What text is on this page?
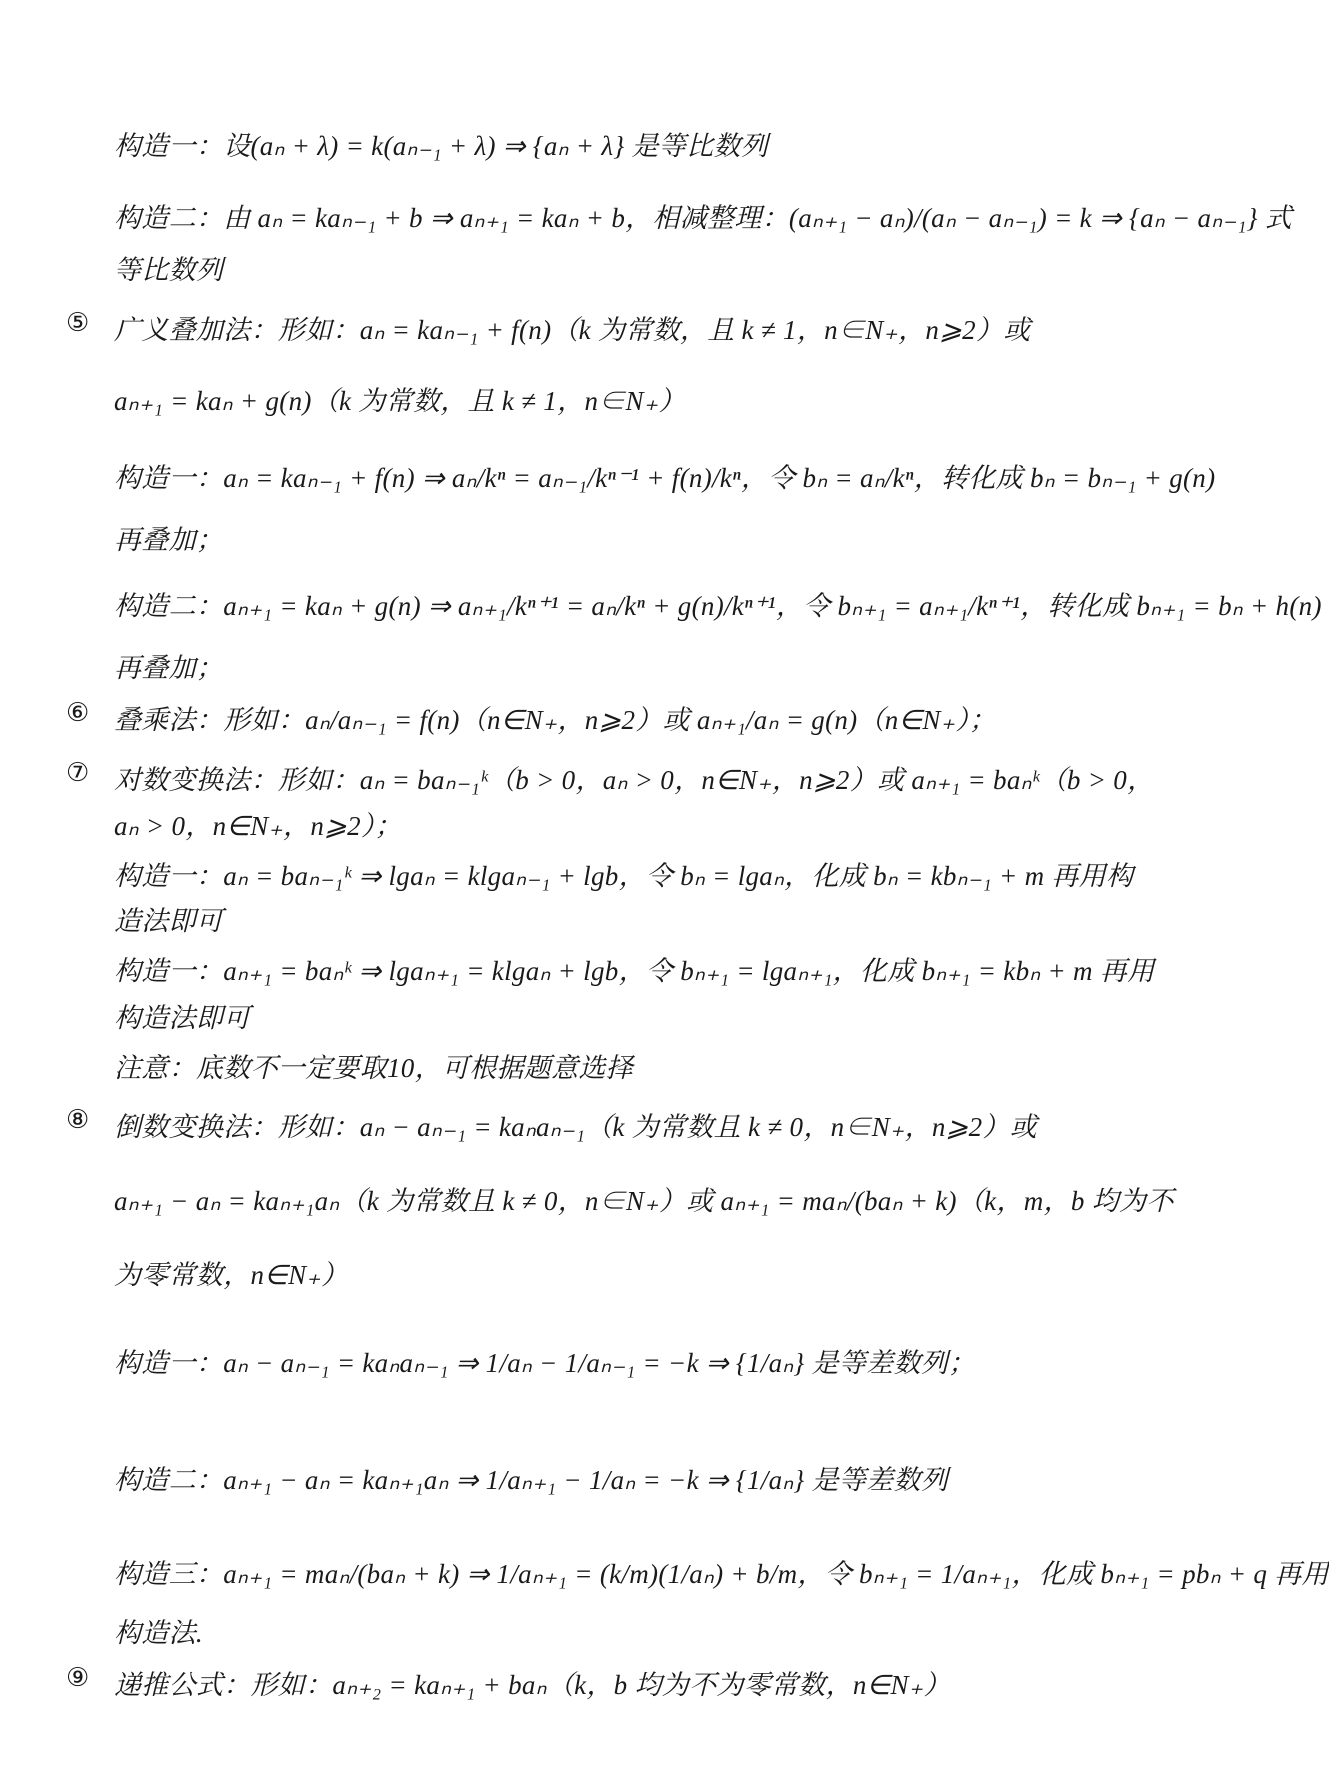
⑤
⑥
⑦
⑧
⑨
构造一：设(aₙ + λ) = k(aₙ₋₁ + λ) ⇒ {aₙ + λ} 是等比数列
构造二：由 aₙ = kaₙ₋₁ + b ⇒ aₙ₊₁ = kaₙ + b，相减整理：(aₙ₊₁ − aₙ)/(aₙ − aₙ₋₁) = k ⇒ {aₙ − aₙ₋₁} 式
等比数列
广义叠加法：形如：aₙ = kaₙ₋₁ + f(n)（k 为常数，且 k ≠ 1，n∈N₊，n⩾2）或
aₙ₊₁ = kaₙ + g(n)（k 为常数，且 k ≠ 1，n∈N₊）
构造一：aₙ = kaₙ₋₁ + f(n) ⇒ aₙ/kⁿ = aₙ₋₁/kⁿ⁻¹ + f(n)/kⁿ，令 bₙ = aₙ/kⁿ，转化成 bₙ = bₙ₋₁ + g(n)
再叠加；
构造二：aₙ₊₁ = kaₙ + g(n) ⇒ aₙ₊₁/kⁿ⁺¹ = aₙ/kⁿ + g(n)/kⁿ⁺¹，令 bₙ₊₁ = aₙ₊₁/kⁿ⁺¹，转化成 bₙ₊₁ = bₙ + h(n)
再叠加；
叠乘法：形如：aₙ/aₙ₋₁ = f(n)（n∈N₊，n⩾2）或 aₙ₊₁/aₙ = g(n)（n∈N₊）；
对数变换法：形如：aₙ = baₙ₋₁ᵏ（b > 0，aₙ > 0，n∈N₊，n⩾2）或 aₙ₊₁ = baₙᵏ（b > 0，
aₙ > 0，n∈N₊，n⩾2）；
构造一：aₙ = baₙ₋₁ᵏ ⇒ lgaₙ = klgaₙ₋₁ + lgb，令 bₙ = lgaₙ，化成 bₙ = kbₙ₋₁ + m 再用构
造法即可
构造一：aₙ₊₁ = baₙᵏ ⇒ lgaₙ₊₁ = klgaₙ + lgb，令 bₙ₊₁ = lgaₙ₊₁，化成 bₙ₊₁ = kbₙ + m 再用
构造法即可
注意：底数不一定要取10，可根据题意选择
倒数变换法：形如：aₙ − aₙ₋₁ = kaₙaₙ₋₁（k 为常数且 k ≠ 0，n∈N₊，n⩾2）或
aₙ₊₁ − aₙ = kaₙ₊₁aₙ（k 为常数且 k ≠ 0，n∈N₊）或 aₙ₊₁ = maₙ/(baₙ + k)（k，m，b 均为不
为零常数，n∈N₊）
构造一：aₙ − aₙ₋₁ = kaₙaₙ₋₁ ⇒ 1/aₙ − 1/aₙ₋₁ = −k ⇒ {1/aₙ} 是等差数列；
构造二：aₙ₊₁ − aₙ = kaₙ₊₁aₙ ⇒ 1/aₙ₊₁ − 1/aₙ = −k ⇒ {1/aₙ} 是等差数列
构造三：aₙ₊₁ = maₙ/(baₙ + k) ⇒ 1/aₙ₊₁ = (k/m)(1/aₙ) + b/m，令 bₙ₊₁ = 1/aₙ₊₁，化成 bₙ₊₁ = pbₙ + q 再用
构造法.
递推公式：形如：aₙ₊₂ = kaₙ₊₁ + baₙ（k，b 均为不为零常数，n∈N₊）
